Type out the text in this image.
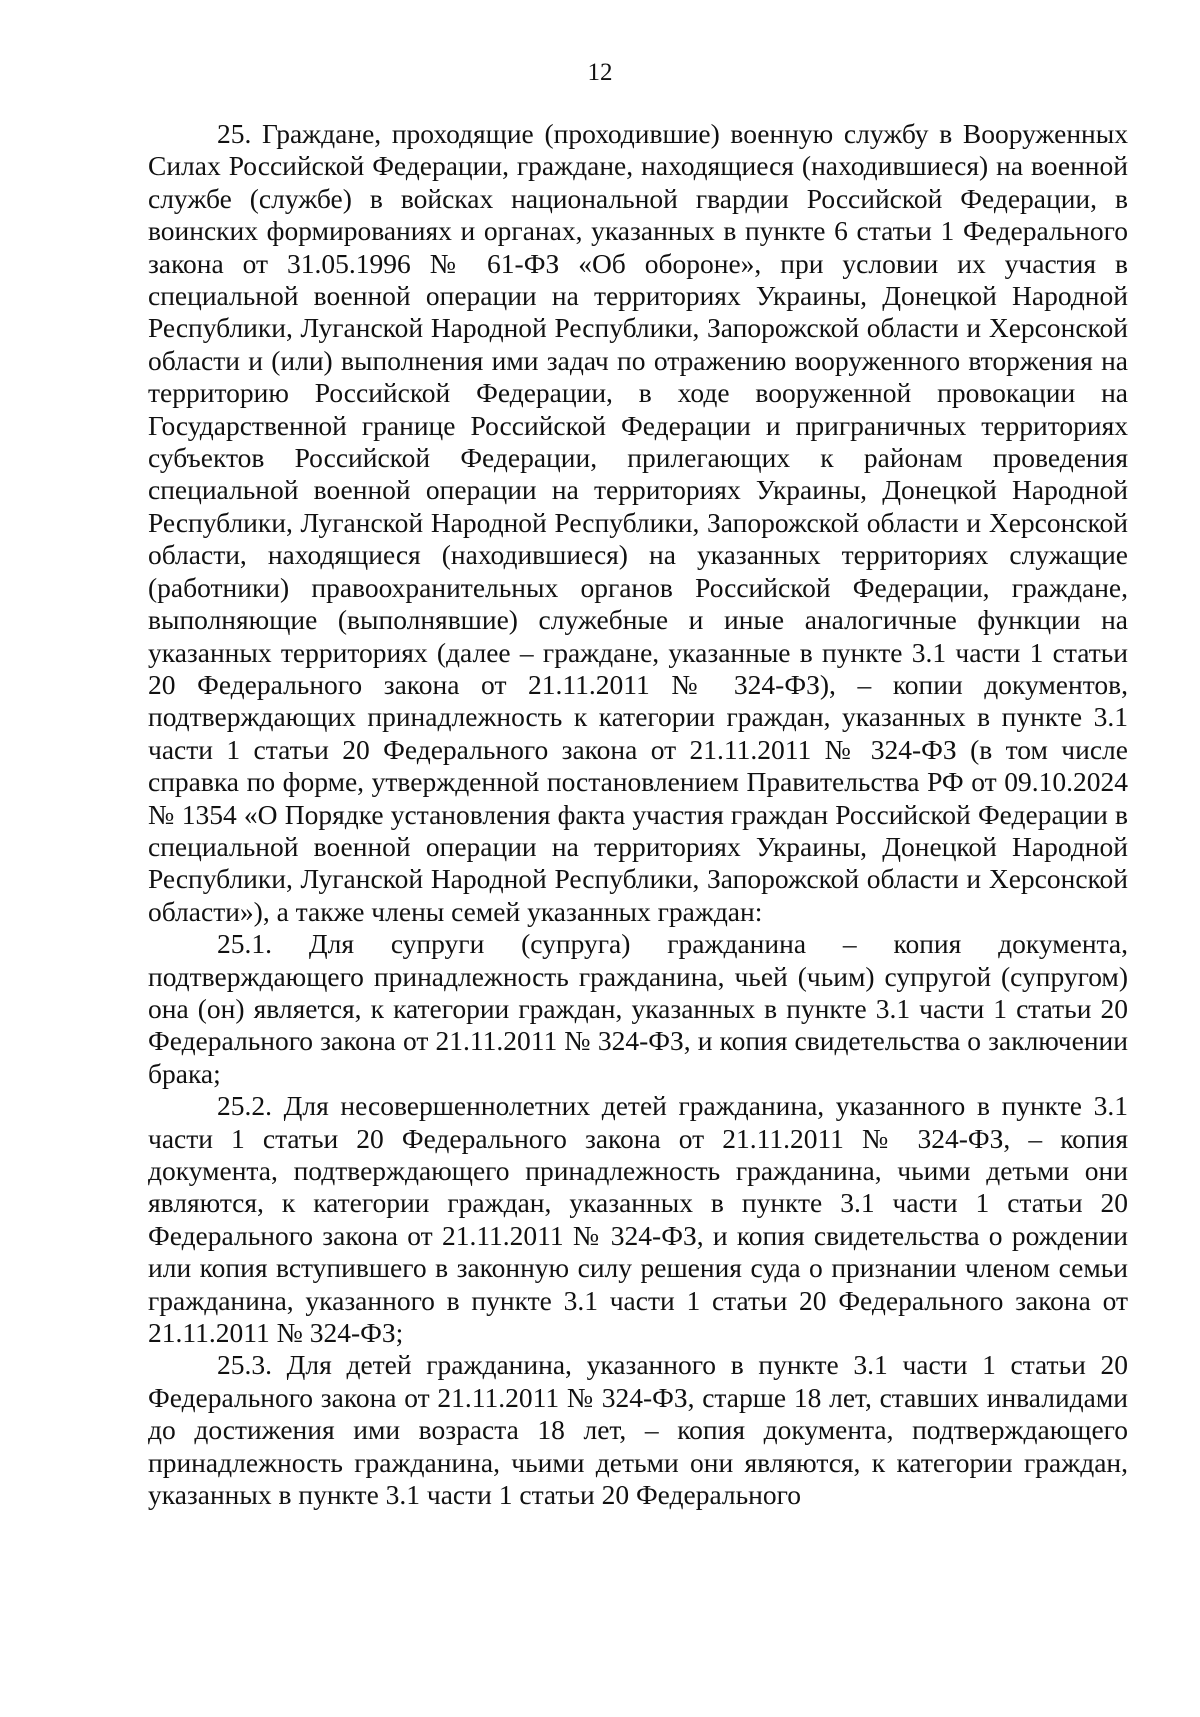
12

25. Граждане, проходящие (проходившие) военную службу в Вооруженных Силах Российской Федерации, граждане, находящиеся (находившиеся) на военной службе (службе) в войсках национальной гвардии Российской Федерации, в воинских формированиях и органах, указанных в пункте 6 статьи 1 Федерального закона от 31.05.1996 № 61-ФЗ «Об обороне», при условии их участия в специальной военной операции на территориях Украины, Донецкой Народной Республики, Луганской Народной Республики, Запорожской области и Херсонской области и (или) выполнения ими задач по отражению вооруженного вторжения на территорию Российской Федерации, в ходе вооруженной провокации на Государственной границе Российской Федерации и приграничных территориях субъектов Российской Федерации, прилегающих к районам проведения специальной военной операции на территориях Украины, Донецкой Народной Республики, Луганской Народной Республики, Запорожской области и Херсонской области, находящиеся (находившиеся) на указанных территориях служащие (работники) правоохранительных органов Российской Федерации, граждане, выполняющие (выполнявшие) служебные и иные аналогичные функции на указанных территориях (далее – граждане, указанные в пункте 3.1 части 1 статьи 20 Федерального закона от 21.11.2011 № 324-ФЗ), – копии документов, подтверждающих принадлежность к категории граждан, указанных в пункте 3.1 части 1 статьи 20 Федерального закона от 21.11.2011 № 324-ФЗ (в том числе справка по форме, утвержденной постановлением Правительства РФ от 09.10.2024 № 1354 «О Порядке установления факта участия граждан Российской Федерации в специальной военной операции на территориях Украины, Донецкой Народной Республики, Луганской Народной Республики, Запорожской области и Херсонской области»), а также члены семей указанных граждан:

25.1. Для супруги (супруга) гражданина – копия документа, подтверждающего принадлежность гражданина, чьей (чьим) супругой (супругом) она (он) является, к категории граждан, указанных в пункте 3.1 части 1 статьи 20 Федерального закона от 21.11.2011 № 324-ФЗ, и копия свидетельства о заключении брака;

25.2. Для несовершеннолетних детей гражданина, указанного в пункте 3.1 части 1 статьи 20 Федерального закона от 21.11.2011 № 324-ФЗ, – копия документа, подтверждающего принадлежность гражданина, чьими детьми они являются, к категории граждан, указанных в пункте 3.1 части 1 статьи 20 Федерального закона от 21.11.2011 № 324-ФЗ, и копия свидетельства о рождении или копия вступившего в законную силу решения суда о признании членом семьи гражданина, указанного в пункте 3.1 части 1 статьи 20 Федерального закона от 21.11.2011 № 324-ФЗ;

25.3. Для детей гражданина, указанного в пункте 3.1 части 1 статьи 20 Федерального закона от 21.11.2011 № 324-ФЗ, старше 18 лет, ставших инвалидами до достижения ими возраста 18 лет, – копия документа, подтверждающего принадлежность гражданина, чьими детьми они являются, к категории граждан, указанных в пункте 3.1 части 1 статьи 20 Федерального
